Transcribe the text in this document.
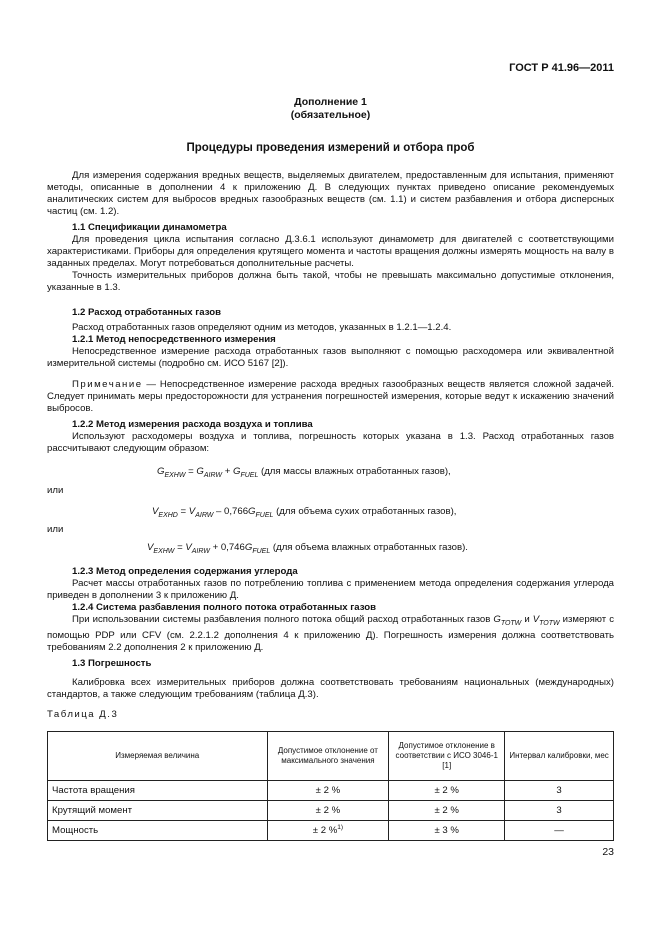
ГОСТ Р 41.96—2011
Дополнение 1
(обязательное)
Процедуры проведения измерений и отбора проб

Для измерения содержания вредных веществ, выделяемых двигателем, предоставленным для испытания, применяют методы, описанные в дополнении 4 к приложению Д. В следующих пунктах приведено описание рекомендуемых аналитических систем для выбросов вредных газообразных веществ (см. 1.1) и систем разбавления и отбора дисперсных частиц (см. 1.2).

1.1 Спецификации динамометра

Для проведения цикла испытания согласно Д.3.6.1 используют динамометр для двигателей с соответствующими характеристиками. Приборы для определения крутящего момента и частоты вращения должны измерять мощность на валу в заданных пределах. Могут потребоваться дополнительные расчеты.

Точность измерительных приборов должна быть такой, чтобы не превышать максимально допустимые отклонения, указанные в 1.3.

1.2 Расход отработанных газов

Расход отработанных газов определяют одним из методов, указанных в 1.2.1—1.2.4.

1.2.1 Метод непосредственного измерения

Непосредственное измерение расхода отработанных газов выполняют с помощью расходомера или эквивалентной измерительной системы (подробно см. ИСО 5167 [2]).

Примечание — Непосредственное измерение расхода вредных газообразных веществ является сложной задачей. Следует принимать меры предосторожности для устранения погрешностей измерения, которые ведут к искажению значений выбросов.

1.2.2 Метод измерения расхода воздуха и топлива

Используют расходомеры воздуха и топлива, погрешность которых указана в 1.3. Расход отработанных газов рассчитывают следующим образом:

$G_{EXHW} = G_{AIRW} + G_{FUEL}$ (для массы влажных отработанных газов),
или
$V_{EXHD} = V_{AIRW} - 0,766G_{FUEL}$ (для объема сухих отработанных газов),
или
$V_{EXHW} = V_{AIRW} + 0,746G_{FUEL}$ (для объема влажных отработанных газов).

1.2.3 Метод определения содержания углерода

Расчет массы отработанных газов по потреблению топлива с применением метода определения содержания углерода приведен в дополнении 3 к приложению Д.

1.2.4 Система разбавления полного потока отработанных газов

При использовании системы разбавления полного потока общий расход отработанных газов $G_{TOTW}$ и $V_{TOTW}$ измеряют с помощью PDP или CFV (см. 2.2.1.2 дополнения 4 к приложению Д). Погрешность измерения должна соответствовать требованиям 2.2 дополнения 2 к приложению Д.

1.3 Погрешность

Калибровка всех измерительных приборов должна соответствовать требованиям национальных (международных) стандартов, а также следующим требованиям (таблица Д.3).

Таблица Д.3
Измеряемая величина	Допустимое отклонение от максимального значения	Допустимое отклонение в соответствии с ИСО 3046-1 [1]	Интервал калибровки, мес
Частота вращения	± 2 %	± 2 %	3
Крутящий момент	± 2 %	± 2 %	3
Мощность	± 2 %$^{1)}$	± 3 %	—
23
